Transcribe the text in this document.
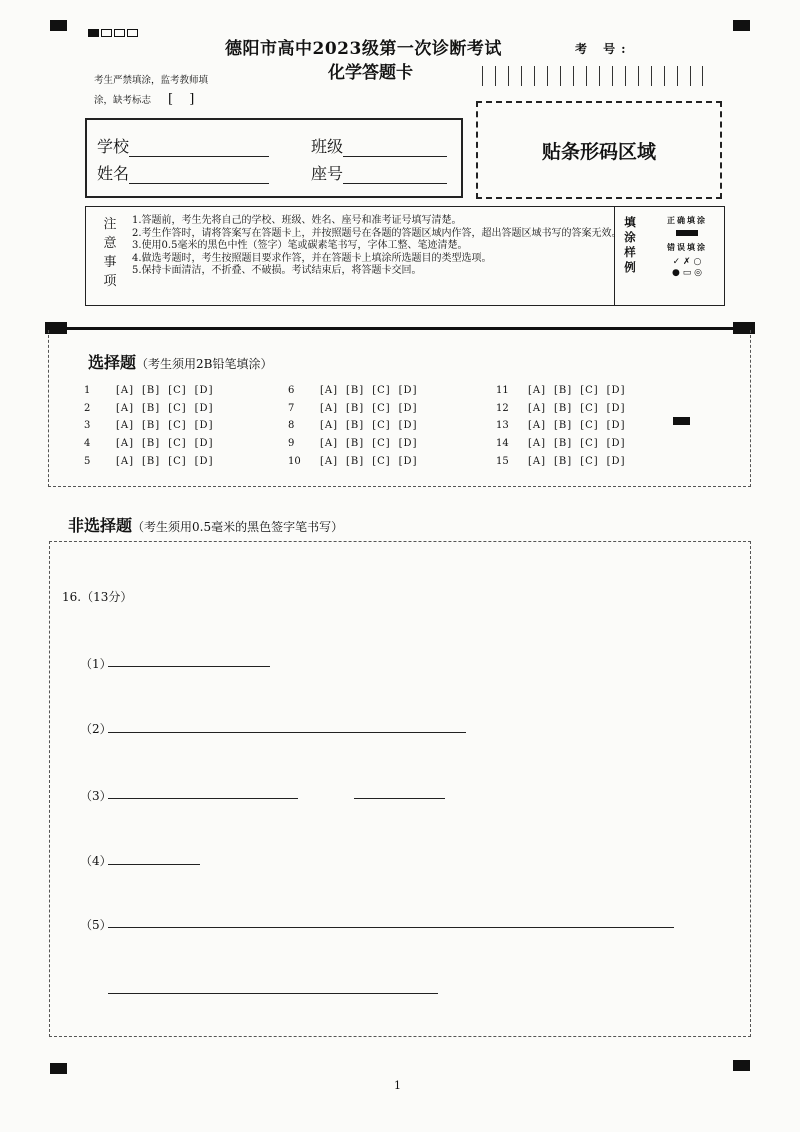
德阳市高中2023级第一次诊断考试
化学答题卡
考 号:
考生严禁填涂，监考教师填
涂，缺考标志 [ ]
学校	班级
姓名	座号
贴条形码区域
注
意
事
项
1.答题前，考生先将自己的学校、班级、姓名、座号和准考证号填写清楚。
2.考生作答时，请将答案写在答题卡上，并按照题号在各题的答题区域内作答，超出答题区域书写的答案无效。
3.使用0.5毫米的黑色中性（签字）笔或碳素笔书写，字体工整、笔迹清楚。
4.做选考题时，考生按照题目要求作答，并在答题卡上填涂所选题目的类型选项。
5.保持卡面清洁，不折叠、不破损。考试结束后，将答题卡交回。
填
涂
样
例
正确填涂
错误填涂
✓ ✗ ○
● ▭ ◎
选择题（考生须用2B铅笔填涂）
1	[A] [B] [C] [D]
2	[A] [B] [C] [D]
3	[A] [B] [C] [D]
4	[A] [B] [C] [D]
5	[A] [B] [C] [D]
6	[A] [B] [C] [D]
7	[A] [B] [C] [D]
8	[A] [B] [C] [D]
9	[A] [B] [C] [D]
10 [A] [B] [C] [D]
11 [A] [B] [C] [D]
12 [A] [B] [C] [D]
13 [A] [B] [C] [D]
14 [A] [B] [C] [D]
15 [A] [B] [C] [D]
非选择题（考生须用0.5毫米的黑色签字笔书写）
16.（13分）
（1）
（2）
（3）
（4）
（5）
1
